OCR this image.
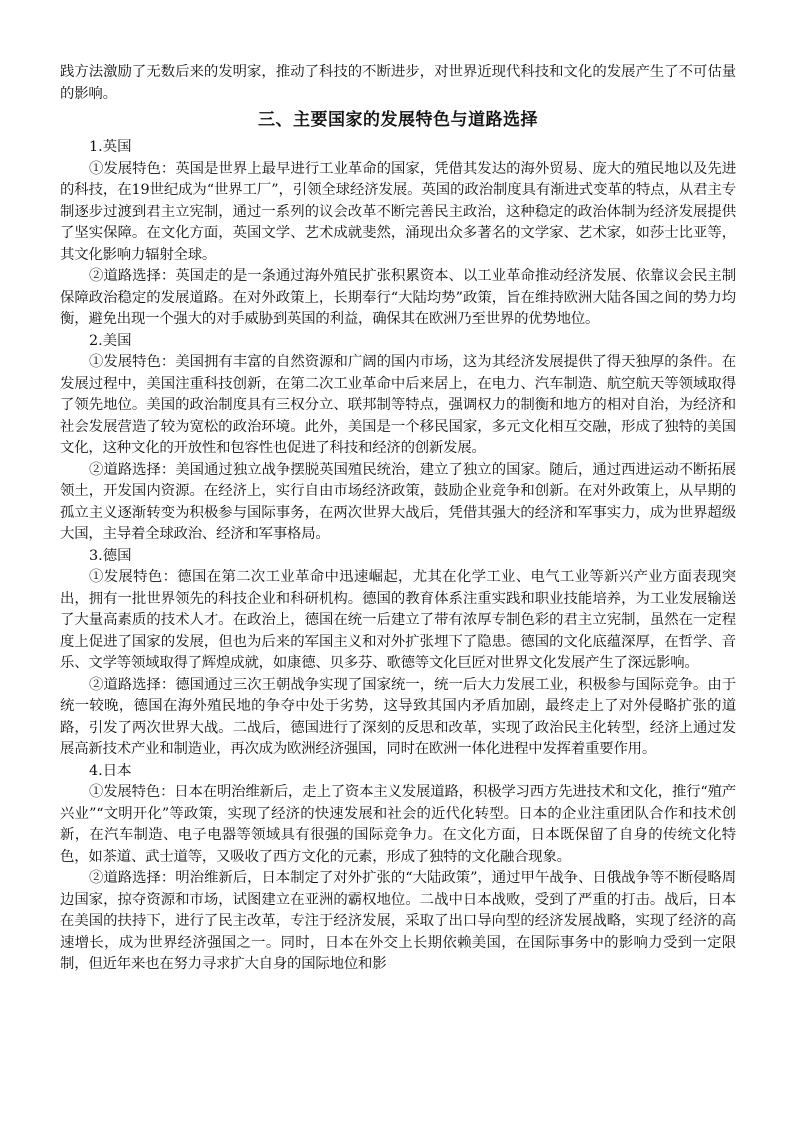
践方法激励了无数后来的发明家，推动了科技的不断进步，对世界近现代科技和文化的发展产生了不可估量的影响。

三、主要国家的发展特色与道路选择

1.英国

①发展特色：英国是世界上最早进行工业革命的国家，凭借其发达的海外贸易、庞大的殖民地以及先进的科技，在19世纪成为“世界工厂”，引领全球经济发展。英国的政治制度具有渐进式变革的特点，从君主专制逐步过渡到君主立宪制，通过一系列的议会改革不断完善民主政治，这种稳定的政治体制为经济发展提供了坚实保障。在文化方面，英国文学、艺术成就斐然，涌现出众多著名的文学家、艺术家，如莎士比亚等，其文化影响力辐射全球。

②道路选择：英国走的是一条通过海外殖民扩张积累资本、以工业革命推动经济发展、依靠议会民主制保障政治稳定的发展道路。在对外政策上，长期奉行“大陆均势”政策，旨在维持欧洲大陆各国之间的势力均衡，避免出现一个强大的对手威胁到英国的利益，确保其在欧洲乃至世界的优势地位。

2.美国

①发展特色：美国拥有丰富的自然资源和广阔的国内市场，这为其经济发展提供了得天独厚的条件。在发展过程中，美国注重科技创新，在第二次工业革命中后来居上，在电力、汽车制造、航空航天等领域取得了领先地位。美国的政治制度具有三权分立、联邦制等特点，强调权力的制衡和地方的相对自治，为经济和社会发展营造了较为宽松的政治环境。此外，美国是一个移民国家，多元文化相互交融，形成了独特的美国文化，这种文化的开放性和包容性也促进了科技和经济的创新发展。

②道路选择：美国通过独立战争摆脱英国殖民统治，建立了独立的国家。随后，通过西进运动不断拓展领土，开发国内资源。在经济上，实行自由市场经济政策，鼓励企业竞争和创新。在对外政策上，从早期的孤立主义逐渐转变为积极参与国际事务，在两次世界大战后，凭借其强大的经济和军事实力，成为世界超级大国，主导着全球政治、经济和军事格局。

3.德国

①发展特色：德国在第二次工业革命中迅速崛起，尤其在化学工业、电气工业等新兴产业方面表现突出，拥有一批世界领先的科技企业和科研机构。德国的教育体系注重实践和职业技能培养，为工业发展输送了大量高素质的技术人才。在政治上，德国在统一后建立了带有浓厚专制色彩的君主立宪制，虽然在一定程度上促进了国家的发展，但也为后来的军国主义和对外扩张埋下了隐患。德国的文化底蕴深厚，在哲学、音乐、文学等领域取得了辉煌成就，如康德、贝多芬、歌德等文化巨匠对世界文化发展产生了深远影响。

②道路选择：德国通过三次王朝战争实现了国家统一，统一后大力发展工业，积极参与国际竞争。由于统一较晚，德国在海外殖民地的争夺中处于劣势，这导致其国内矛盾加剧，最终走上了对外侵略扩张的道路，引发了两次世界大战。二战后，德国进行了深刻的反思和改革，实现了政治民主化转型，经济上通过发展高新技术产业和制造业，再次成为欧洲经济强国，同时在欧洲一体化进程中发挥着重要作用。

4.日本

①发展特色：日本在明治维新后，走上了资本主义发展道路，积极学习西方先进技术和文化，推行“殖产兴业”“文明开化”等政策，实现了经济的快速发展和社会的近代化转型。日本的企业注重团队合作和技术创新，在汽车制造、电子电器等领域具有很强的国际竞争力。在文化方面，日本既保留了自身的传统文化特色，如茶道、武士道等，又吸收了西方文化的元素，形成了独特的文化融合现象。

②道路选择：明治维新后，日本制定了对外扩张的“大陆政策”，通过甲午战争、日俄战争等不断侵略周边国家，掠夺资源和市场，试图建立在亚洲的霸权地位。二战中日本战败，受到了严重的打击。战后，日本在美国的扶持下，进行了民主改革，专注于经济发展，采取了出口导向型的经济发展战略，实现了经济的高速增长，成为世界经济强国之一。同时，日本在外交上长期依赖美国，在国际事务中的影响力受到一定限制，但近年来也在努力寻求扩大自身的国际地位和影
